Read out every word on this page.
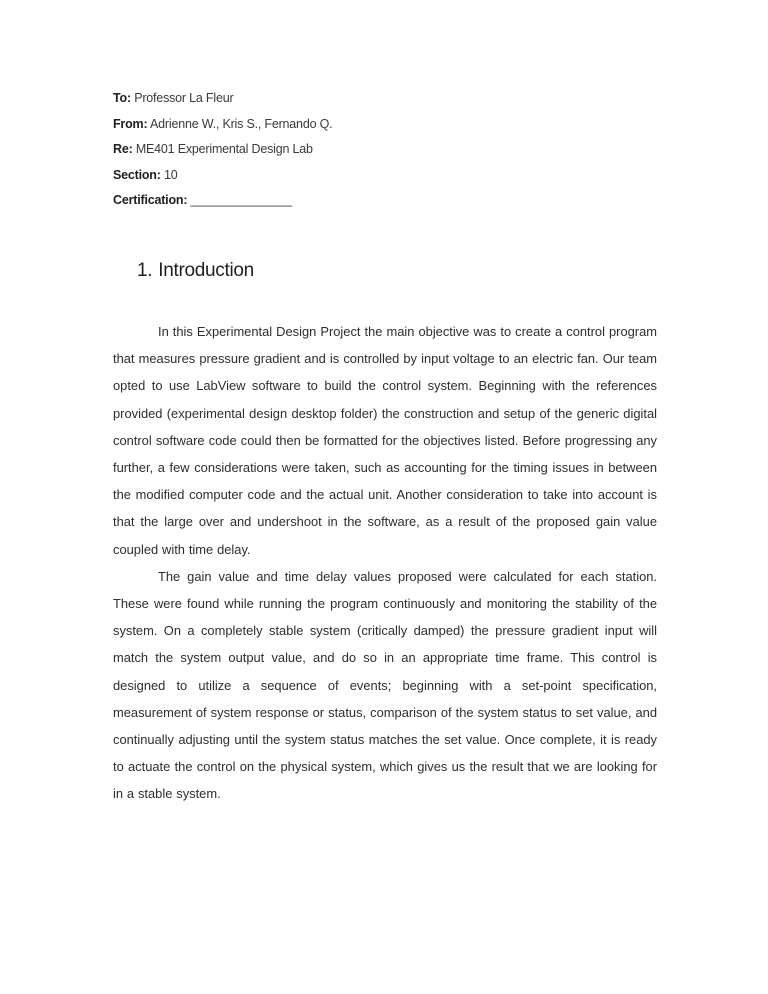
To: Professor La Fleur
From: Adrienne W., Kris S., Fernando Q.
Re: ME401 Experimental Design Lab
Section: 10
Certification: _______________
1. Introduction

In this Experimental Design Project the main objective was to create a control program that measures pressure gradient and is controlled by input voltage to an electric fan. Our team opted to use LabView software to build the control system. Beginning with the references provided (experimental design desktop folder) the construction and setup of the generic digital control software code could then be formatted for the objectives listed. Before progressing any further, a few considerations were taken, such as accounting for the timing issues in between the modified computer code and the actual unit. Another consideration to take into account is that the large over and undershoot in the software, as a result of the proposed gain value coupled with time delay.

The gain value and time delay values proposed were calculated for each station. These were found while running the program continuously and monitoring the stability of the system. On a completely stable system (critically damped) the pressure gradient input will match the system output value, and do so in an appropriate time frame. This control is designed to utilize a sequence of events; beginning with a set-point specification, measurement of system response or status, comparison of the system status to set value, and continually adjusting until the system status matches the set value. Once complete, it is ready to actuate the control on the physical system, which gives us the result that we are looking for in a stable system.
